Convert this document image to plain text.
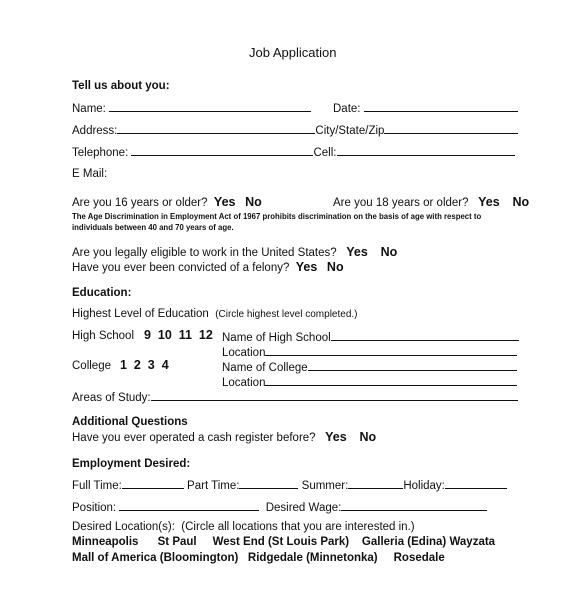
Job Application
Tell us about you:
Name:	Date:
Address:	City/State/Zip
Telephone:	Cell:
E Mail:
Are you 16 years or older? Yes No	Are you 18 years or older? Yes No
The Age Discrimination in Employment Act of 1967 prohibits discrimination on the basis of age with respect to
individuals between 40 and 70 years of age.
Are you legally eligible to work in the United States? Yes No
Have you ever been convicted of a felony? Yes No
Education:
Highest Level of Education (Circle highest level completed.)
High School 9  10  11  12 Name of High School
Location
College 1  2  3  4	Name of College
Location
Areas of Study:
Additional Questions
Have you ever operated a cash register before? Yes No
Employment Desired:
Full Time:	Part Time:	Summer:	Holiday:
Position:	Desired Wage:
Desired Location(s):  (Circle all locations that you are interested in.)
Minneapolis St Paul West End (St Louis Park) Galleria (Edina) Wayzata
Mall of America (Bloomington) Ridgedale (Minnetonka) Rosedale
